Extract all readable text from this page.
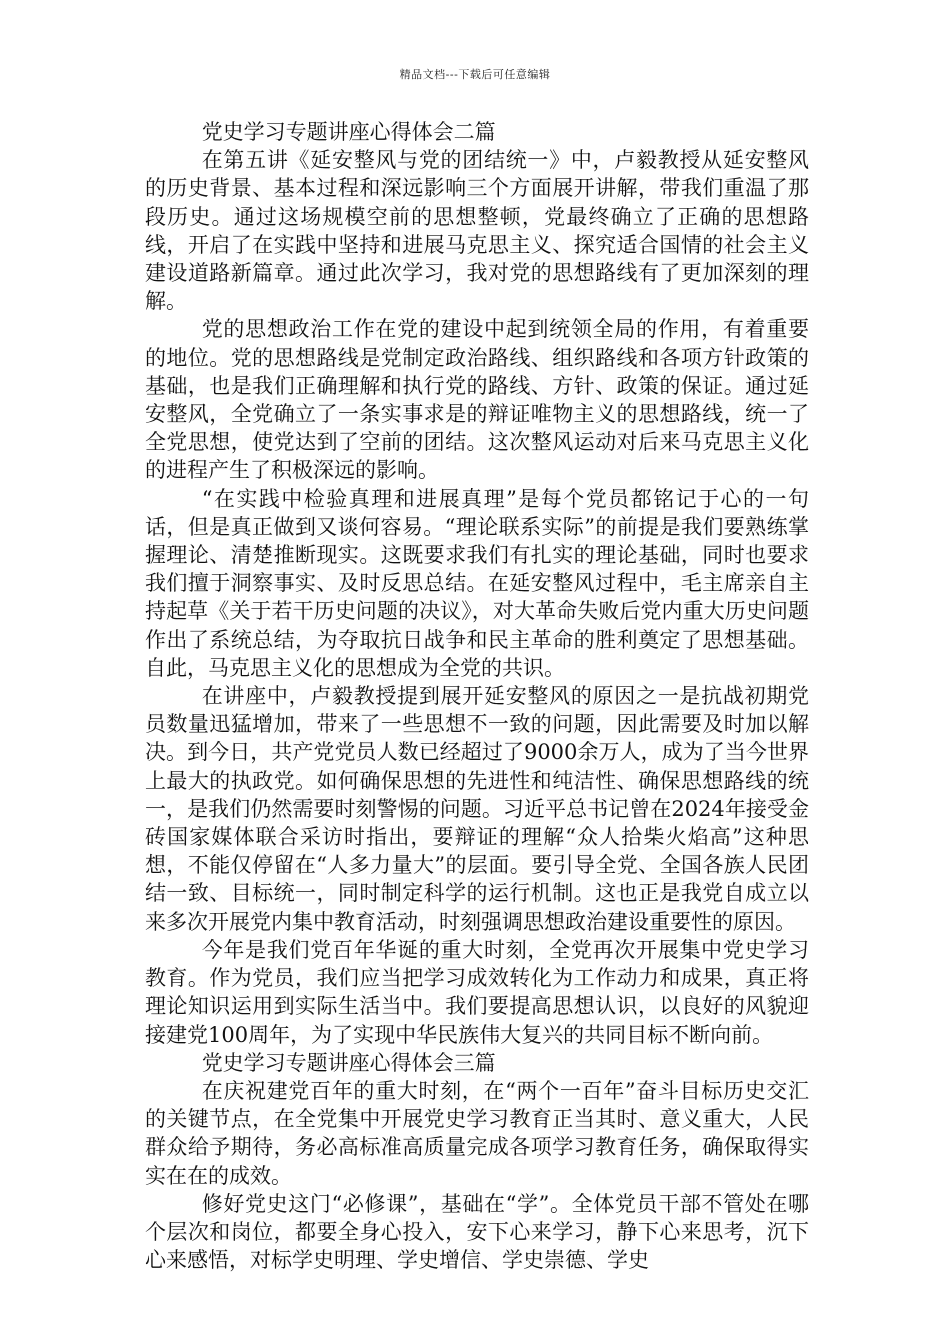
精品文档---下载后可任意编辑
党史学习专题讲座心得体会二篇

在第五讲《延安整风与党的团结统一》中，卢毅教授从延安整风的历史背景、基本过程和深远影响三个方面展开讲解，带我们重温了那段历史。通过这场规模空前的思想整顿，党最终确立了正确的思想路线，开启了在实践中坚持和进展马克思主义、探究适合国情的社会主义建设道路新篇章。通过此次学习，我对党的思想路线有了更加深刻的理解。

党的思想政治工作在党的建设中起到统领全局的作用，有着重要的地位。党的思想路线是党制定政治路线、组织路线和各项方针政策的基础，也是我们正确理解和执行党的路线、方针、政策的保证。通过延安整风，全党确立了一条实事求是的辩证唯物主义的思想路线，统一了全党思想，使党达到了空前的团结。这次整风运动对后来马克思主义化的进程产生了积极深远的影响。

“在实践中检验真理和进展真理”是每个党员都铭记于心的一句话，但是真正做到又谈何容易。“理论联系实际”的前提是我们要熟练掌握理论、清楚推断现实。这既要求我们有扎实的理论基础，同时也要求我们擅于洞察事实、及时反思总结。在延安整风过程中，毛主席亲自主持起草《关于若干历史问题的决议》，对大革命失败后党内重大历史问题作出了系统总结，为夺取抗日战争和民主革命的胜利奠定了思想基础。自此，马克思主义化的思想成为全党的共识。

在讲座中，卢毅教授提到展开延安整风的原因之一是抗战初期党员数量迅猛增加，带来了一些思想不一致的问题，因此需要及时加以解决。到今日，共产党党员人数已经超过了9000余万人，成为了当今世界上最大的执政党。如何确保思想的先进性和纯洁性、确保思想路线的统一，是我们仍然需要时刻警惕的问题。习近平总书记曾在2024年接受金砖国家媒体联合采访时指出，要辩证的理解“众人拾柴火焰高”这种思想，不能仅停留在“人多力量大”的层面。要引导全党、全国各族人民团结一致、目标统一，同时制定科学的运行机制。这也正是我党自成立以来多次开展党内集中教育活动，时刻强调思想政治建设重要性的原因。

今年是我们党百年华诞的重大时刻，全党再次开展集中党史学习教育。作为党员，我们应当把学习成效转化为工作动力和成果，真正将理论知识运用到实际生活当中。我们要提高思想认识，以良好的风貌迎接建党100周年，为了实现中华民族伟大复兴的共同目标不断向前。

党史学习专题讲座心得体会三篇

在庆祝建党百年的重大时刻，在“两个一百年”奋斗目标历史交汇的关键节点，在全党集中开展党史学习教育正当其时、意义重大，人民群众给予期待，务必高标准高质量完成各项学习教育任务，确保取得实实在在的成效。

修好党史这门“必修课”，基础在“学”。全体党员干部不管处在哪个层次和岗位，都要全身心投入，安下心来学习，静下心来思考，沉下心来感悟，对标学史明理、学史增信、学史崇德、学史
